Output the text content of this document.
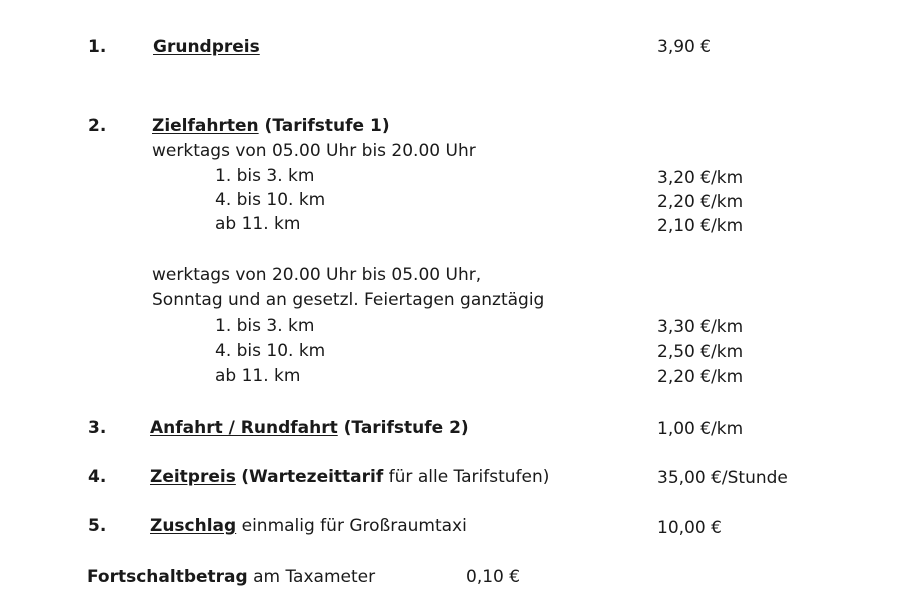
1.	Grundpreis	3,90 €
2.	Zielfahrten (Tarifstufe 1)
werktags von 05.00 Uhr bis 20.00 Uhr
1. bis 3. km	3,20 €/km
4. bis 10. km	2,20 €/km
ab 11. km	2,10 €/km
werktags von 20.00 Uhr bis 05.00 Uhr,
Sonntag und an gesetzl. Feiertagen ganztägig
1. bis 3. km	3,30 €/km
4. bis 10. km	2,50 €/km
ab 11. km	2,20 €/km
3.	Anfahrt / Rundfahrt (Tarifstufe 2)	1,00 €/km
4.	Zeitpreis (Wartezeittarif für alle Tarifstufen)	35,00 €/Stunde
5.	Zuschlag einmalig für Großraumtaxi	10,00 €
Fortschaltbetrag am Taxameter	0,10 €
